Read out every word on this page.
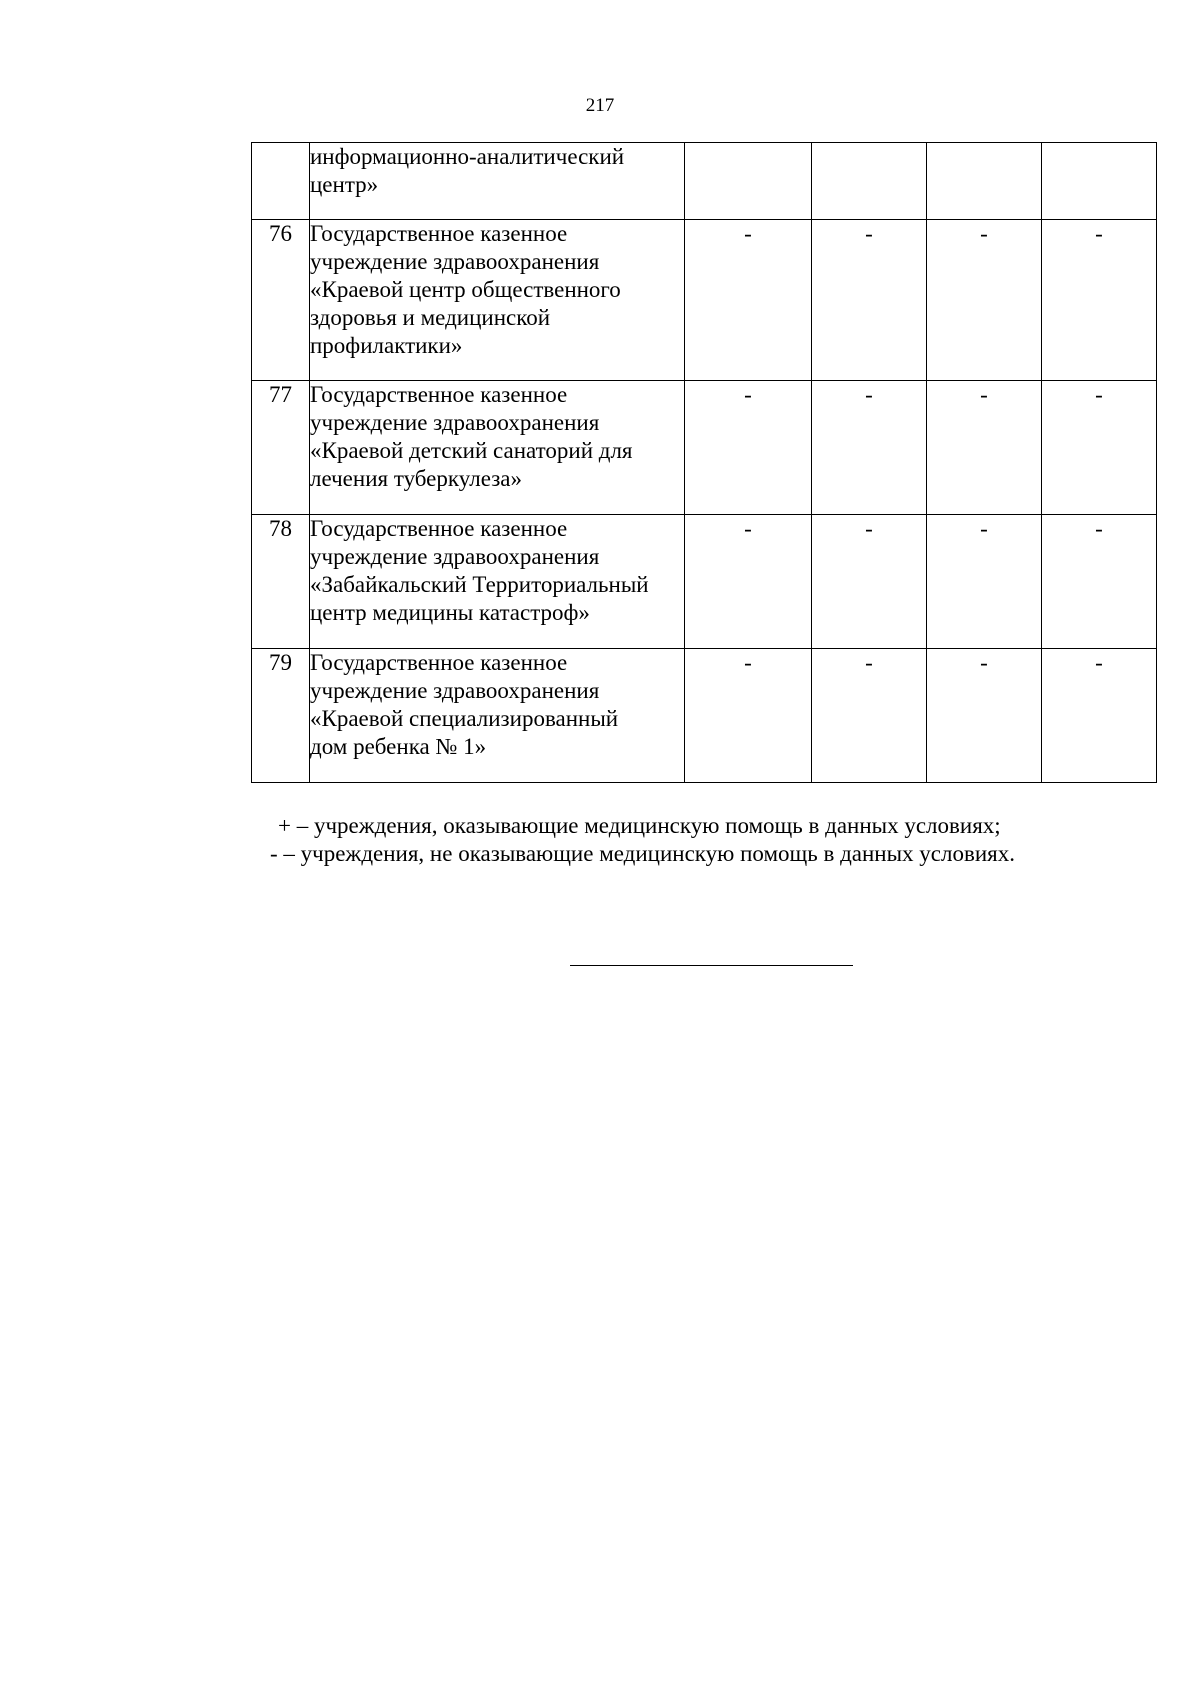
217

	информационно-аналитический
центр»				

76	Государственное казенное
учреждение здравоохранения
«Краевой центр общественного
здоровья и медицинской
профилактики»	-	-	-	-
77	Государственное казенное
учреждение здравоохранения
«Краевой детский санаторий для
лечения туберкулеза»	-	-	-	-
78	Государственное казенное
учреждение здравоохранения
«Забайкальский Территориальный
центр медицины катастроф»	-	-	-	-
79	Государственное казенное
учреждение здравоохранения
«Краевой специализированный
дом ребенка № 1»	-	-	-	-
+ – учреждения, оказывающие медицинскую помощь в данных условиях;
- – учреждения, не оказывающие медицинскую помощь в данных условиях.
